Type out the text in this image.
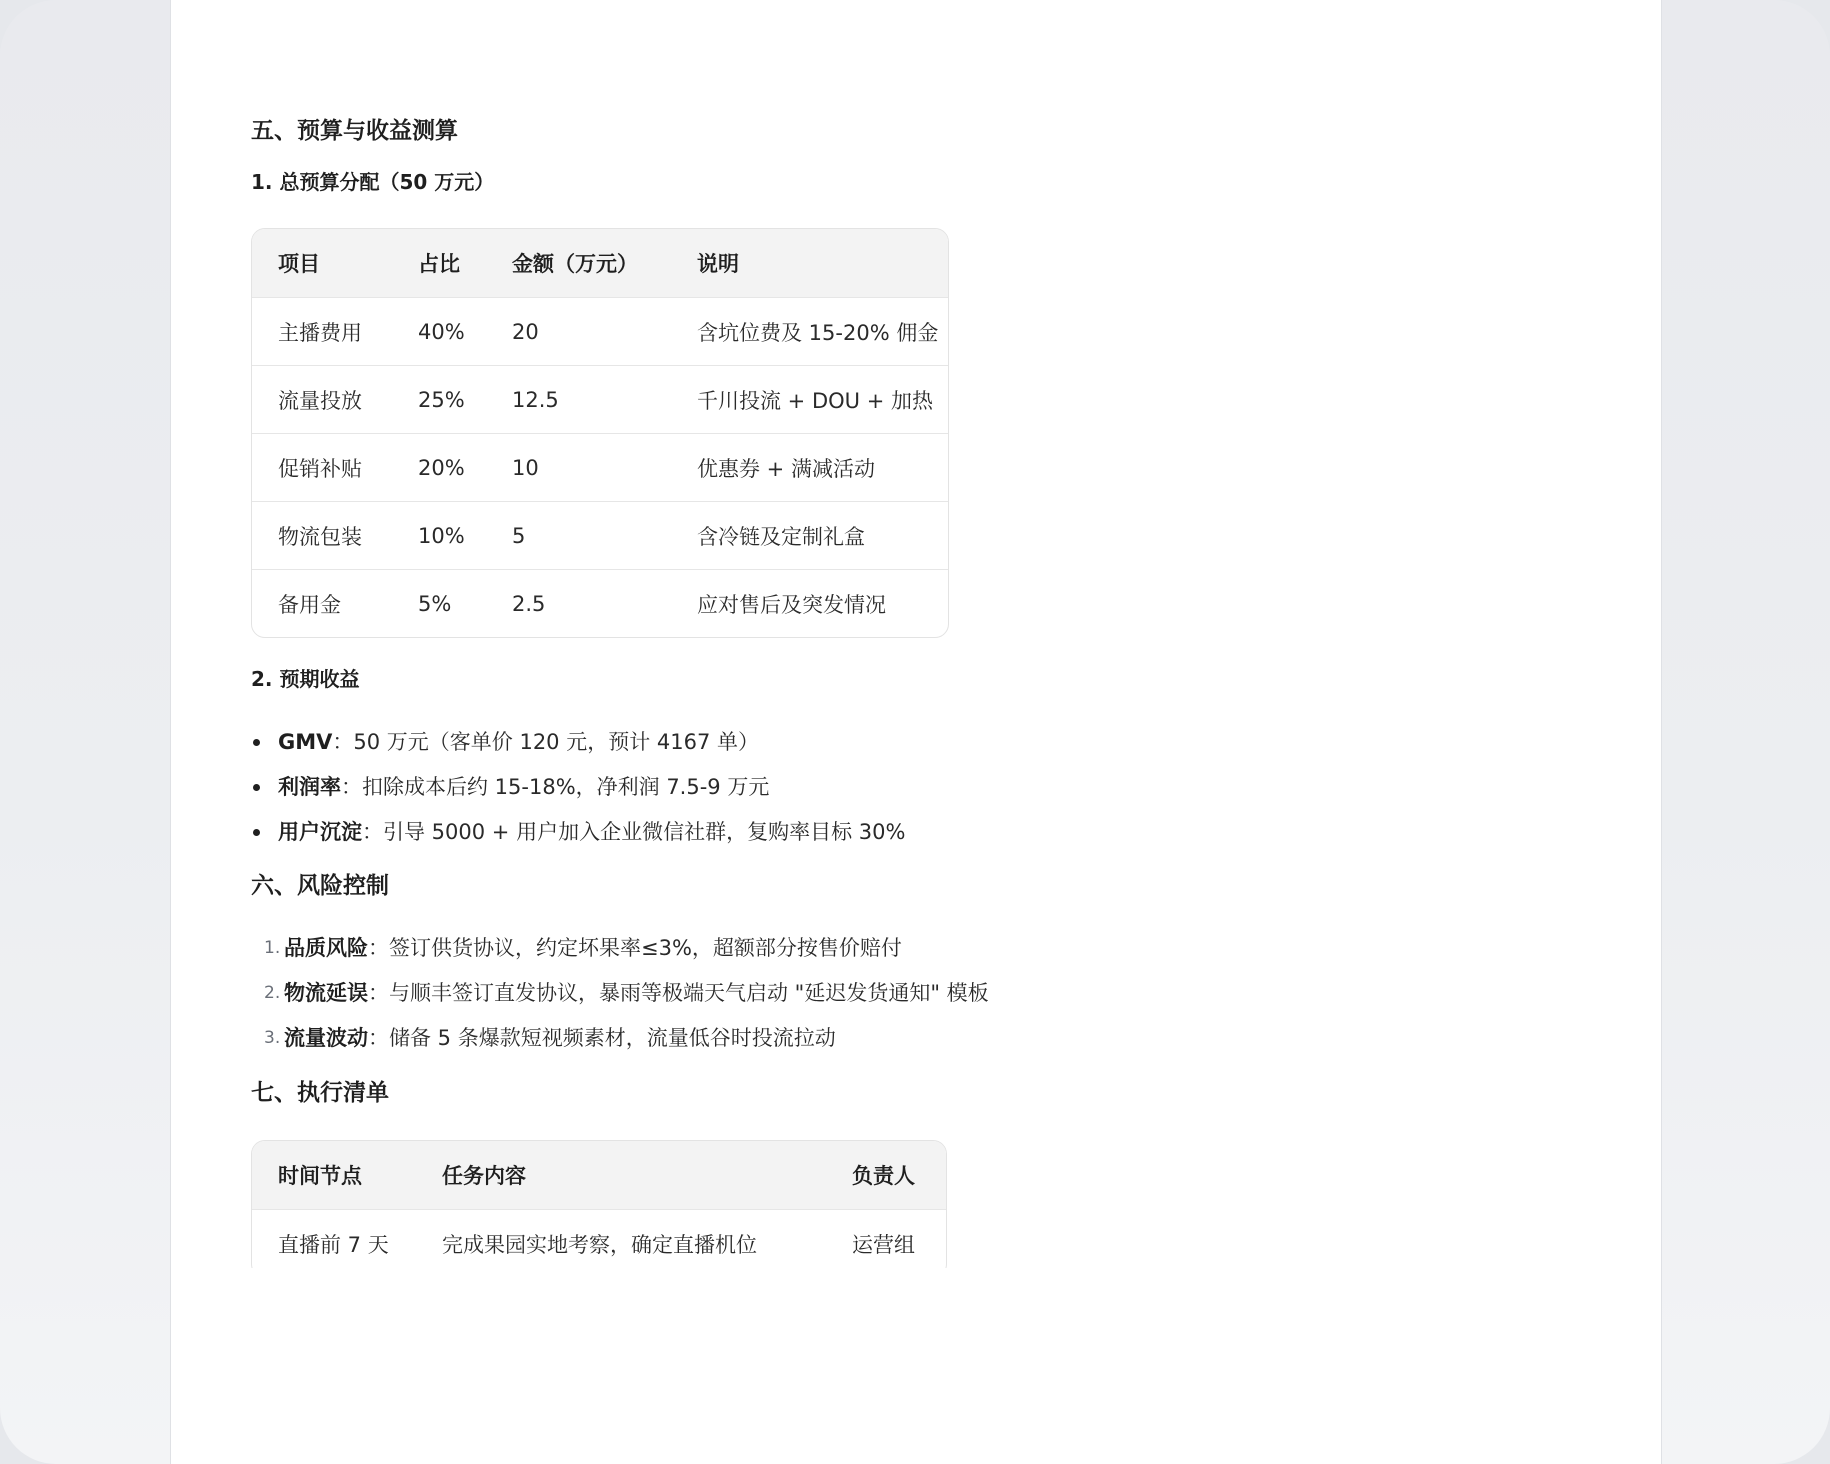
五、预算与收益测算
1. 总预算分配（50 万元）
项目	占比	金额（万元）	说明
主播费用	40%	20	含坑位费及 15-20% 佣金
流量投放	25%	12.5	千川投流 + DOU + 加热
促销补贴	20%	10	优惠券 + 满减活动
物流包装	10%	5	含冷链及定制礼盒
备用金	5%	2.5	应对售后及突发情况
2. 预期收益
GMV：50 万元（客单价 120 元，预计 4167 单）
利润率：扣除成本后约 15-18%，净利润 7.5-9 万元
用户沉淀：引导 5000 + 用户加入企业微信社群，复购率目标 30%
六、风险控制
1. 品质风险：签订供货协议，约定坏果率≤3%，超额部分按售价赔付
2. 物流延误：与顺丰签订直发协议，暴雨等极端天气启动 "延迟发货通知" 模板
3. 流量波动：储备 5 条爆款短视频素材，流量低谷时投流拉动
七、执行清单
时间节点	任务内容	负责人
直播前 7 天	完成果园实地考察，确定直播机位	运营组
